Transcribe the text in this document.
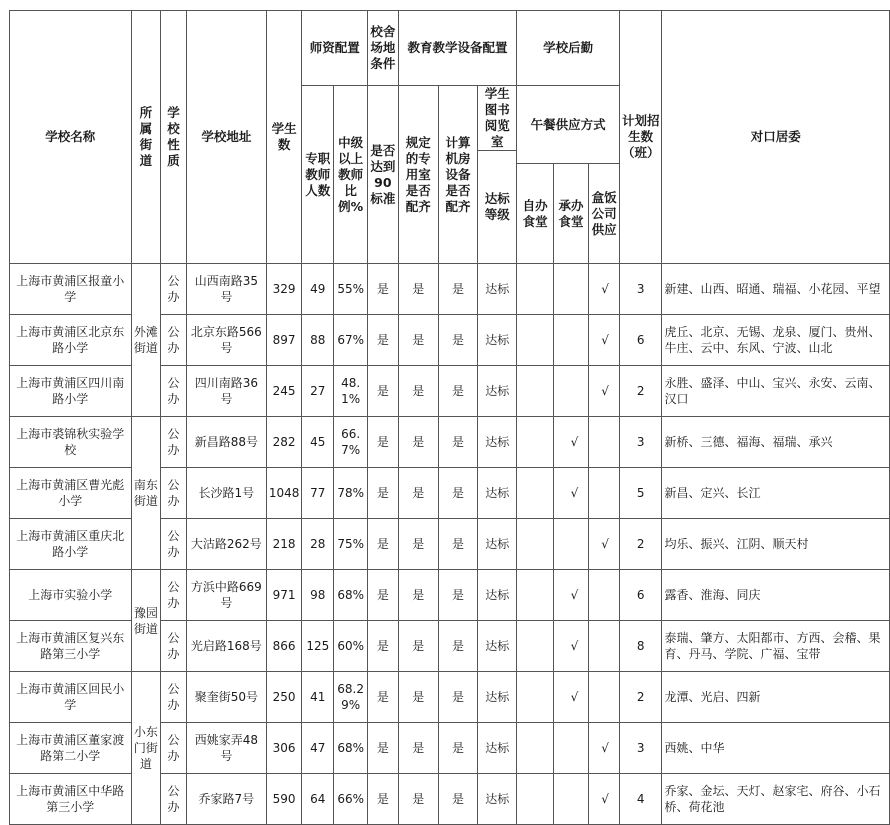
学校名称	所属街道	学校性质	学校地址	学生数	师资配置		校舍场地条件	教育教学设备配置			学校后勤			计划招生数（班）	对口居委
					专职教师人数	中级以上教师比例%	是否达到90标准	规定的专用室是否配齐	计算机房设备是否配齐	学生图书阅览室	午餐供应方式				
										达标等级					
											自办食堂	承办食堂	盒饭公司供应		
上海市黄浦区报童小学	外滩街道	公办	山西南路35号	329	49	55%	是	是	是	达标			√	3	新建、山西、昭通、瑞福、小花园、平望
上海市黄浦区北京东路小学		公办	北京东路566号	897	88	67%	是	是	是	达标			√	6	虎丘、北京、无锡、龙泉、厦门、贵州、牛庄、云中、东风、宁波、山北
上海市黄浦区四川南路小学		公办	四川南路36号	245	27	48.1%	是	是	是	达标			√	2	永胜、盛泽、中山、宝兴、永安、云南、汉口
上海市裘锦秋实验学校	南东街道	公办	新昌路88号	282	45	66.7%	是	是	是	达标		√		3	新桥、三德、福海、福瑞、承兴
上海市黄浦区曹光彪小学		公办	长沙路1号	1048	77	78%	是	是	是	达标		√		5	新昌、定兴、长江
上海市黄浦区重庆北路小学		公办	大沽路262号	218	28	75%	是	是	是	达标			√	2	均乐、振兴、江阴、顺天村
上海市实验小学	豫园街道	公办	方浜中路669号	971	98	68%	是	是	是	达标		√		6	露香、淮海、同庆
上海市黄浦区复兴东路第三小学		公办	光启路168号	866	125	60%	是	是	是	达标		√		8	泰瑞、肇方、太阳都市、方西、会稽、果育、丹马、学院、广福、宝带
上海市黄浦区回民小学	小东门街道	公办	聚奎街50号	250	41	68.29%	是	是	是	达标		√		2	龙潭、光启、四新
上海市黄浦区董家渡路第二小学		公办	西姚家弄48号	306	47	68%	是	是	是	达标			√	3	西姚、中华
上海市黄浦区中华路第三小学		公办	乔家路7号	590	64	66%	是	是	是	达标			√	4	乔家、金坛、天灯、赵家宅、府谷、小石桥、荷花池
